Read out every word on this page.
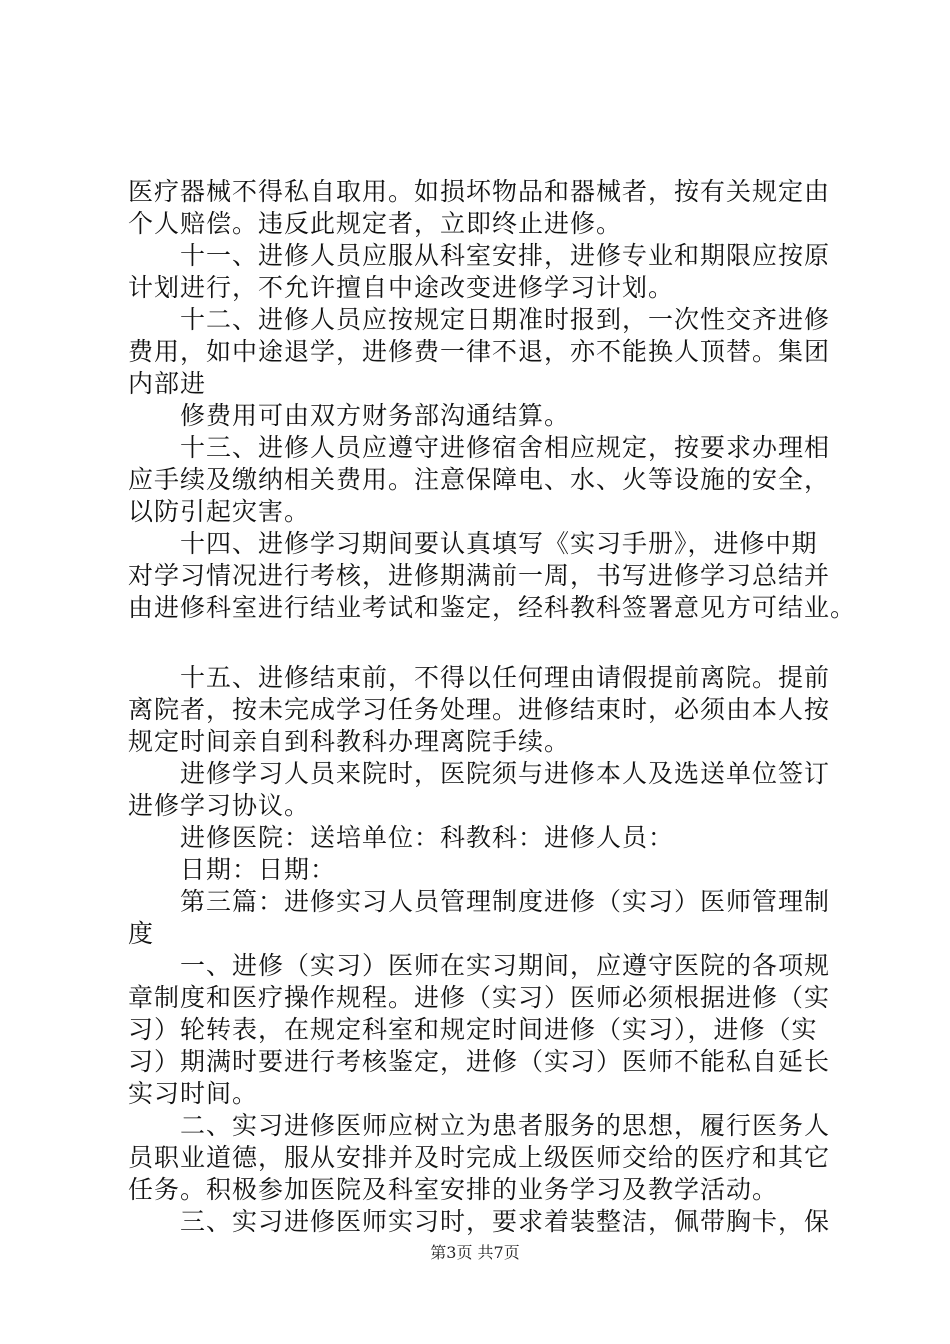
医疗器械不得私自取用。如损坏物品和器械者，按有关规定由
个人赔偿。违反此规定者，立即终止进修。
十一、进修人员应服从科室安排，进修专业和期限应按原
计划进行，不允许擅自中途改变进修学习计划。
十二、进修人员应按规定日期准时报到，一次性交齐进修
费用，如中途退学，进修费一律不退，亦不能换人顶替。集团
内部进
修费用可由双方财务部沟通结算。
十三、进修人员应遵守进修宿舍相应规定，按要求办理相
应手续及缴纳相关费用。注意保障电、水、火等设施的安全，
以防引起灾害。
十四、进修学习期间要认真填写《实习手册》，进修中期
对学习情况进行考核，进修期满前一周，书写进修学习总结并
由进修科室进行结业考试和鉴定，经科教科签署意见方可结业。
十五、进修结束前，不得以任何理由请假提前离院。提前
离院者，按未完成学习任务处理。进修结束时，必须由本人按
规定时间亲自到科教科办理离院手续。
进修学习人员来院时，医院须与进修本人及选送单位签订
进修学习协议。
进修医院：送培单位：科教科：进修人员：
日期：日期：
第三篇：进修实习人员管理制度进修（实习）医师管理制
度
一、进修（实习）医师在实习期间，应遵守医院的各项规
章制度和医疗操作规程。进修（实习）医师必须根据进修（实
习）轮转表，在规定科室和规定时间进修（实习），进修（实
习）期满时要进行考核鉴定，进修（实习）医师不能私自延长
实习时间。
二、实习进修医师应树立为患者服务的思想，履行医务人
员职业道德，服从安排并及时完成上级医师交给的医疗和其它
任务。积极参加医院及科室安排的业务学习及教学活动。
三、实习进修医师实习时，要求着装整洁，佩带胸卡，保
第3页 共7页
